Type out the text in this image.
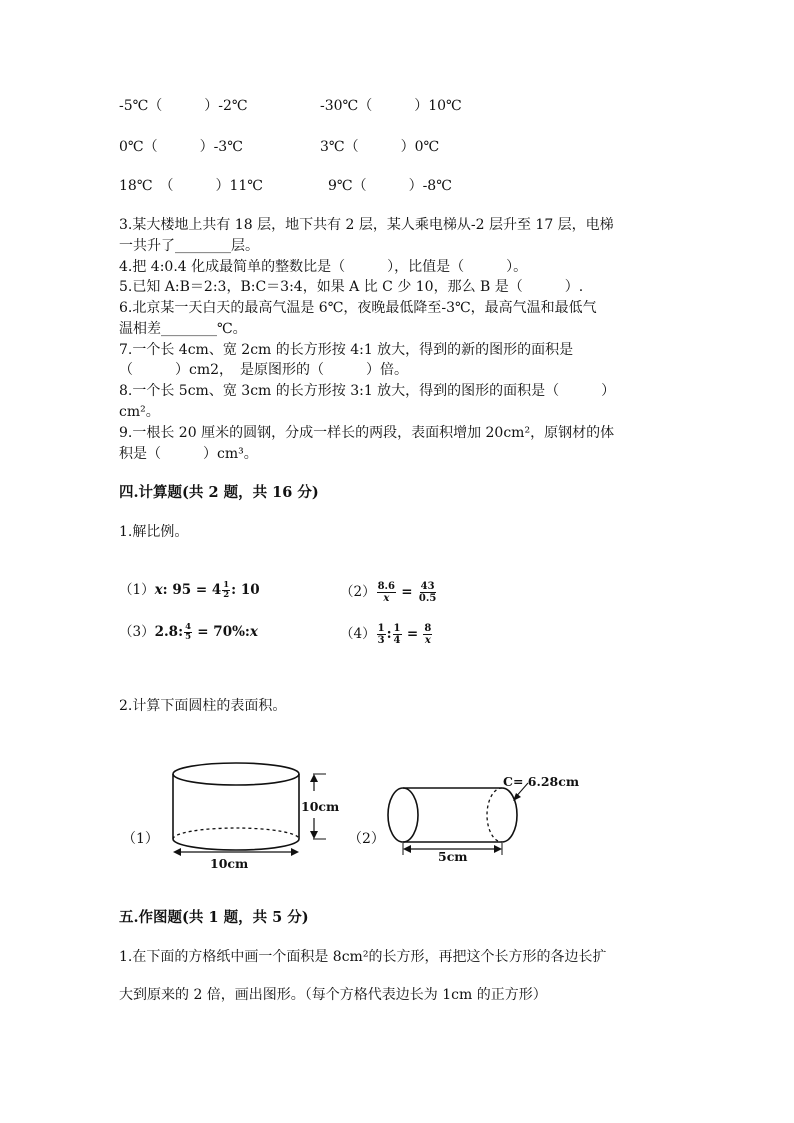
-5℃（　　　）-2℃	-30℃（　　　）10℃
0℃（　　　）-3℃	3℃（　　　）0℃
18℃　（　　　）11℃	9℃（　　　）-8℃
3.某大楼地上共有 18 层，地下共有 2 层，某人乘电梯从-2 层升至 17 层，电梯
一共升了________层。
4.把 4:0.4 化成最简单的整数比是（　　　），比值是（　　　）。
5.已知 A:B＝2:3，B:C＝3:4，如果 A 比 C 少 10，那么 B 是（　　　）.
6.北京某一天白天的最高气温是 6℃，夜晚最低降至-3℃，最高气温和最低气
温相差________℃。
7.一个长 4cm、宽 2cm 的长方形按 4:1 放大，得到的新的图形的面积是
（　　　）cm2，　是原图形的（　　　）倍。
8.一个长 5cm、宽 3cm 的长方形按 3:1 放大，得到的图形的面积是（　　　）
cm²。
9.一根长 20 厘米的圆钢，分成一样长的两段，表面积增加 20cm²，原钢材的体
积是（　　　）cm³。
四.计算题(共 2 题，共 16 分)
1.解比例。
（1）x: $95 = 4 \frac{1}{2}$ : 10	$(2) \frac{8.6}{x} = \frac{43}{0.5}$
（3）2.8: $\frac{4}{5}$ = 70%:x	$(4) \frac{1}{3}$ : $\frac{1}{4} = \frac{8}{x}$
2.计算下面圆柱的表面积。
（1）
10cm
10cm
（2）
C= 6.28cm
5cm
五.作图题(共 1 题，共 5 分)
1.在下面的方格纸中画一个面积是 8cm²的长方形，再把这个长方形的各边长扩
大到原来的 2 倍，画出图形。（每个方格代表边长为 1cm 的正方形）
